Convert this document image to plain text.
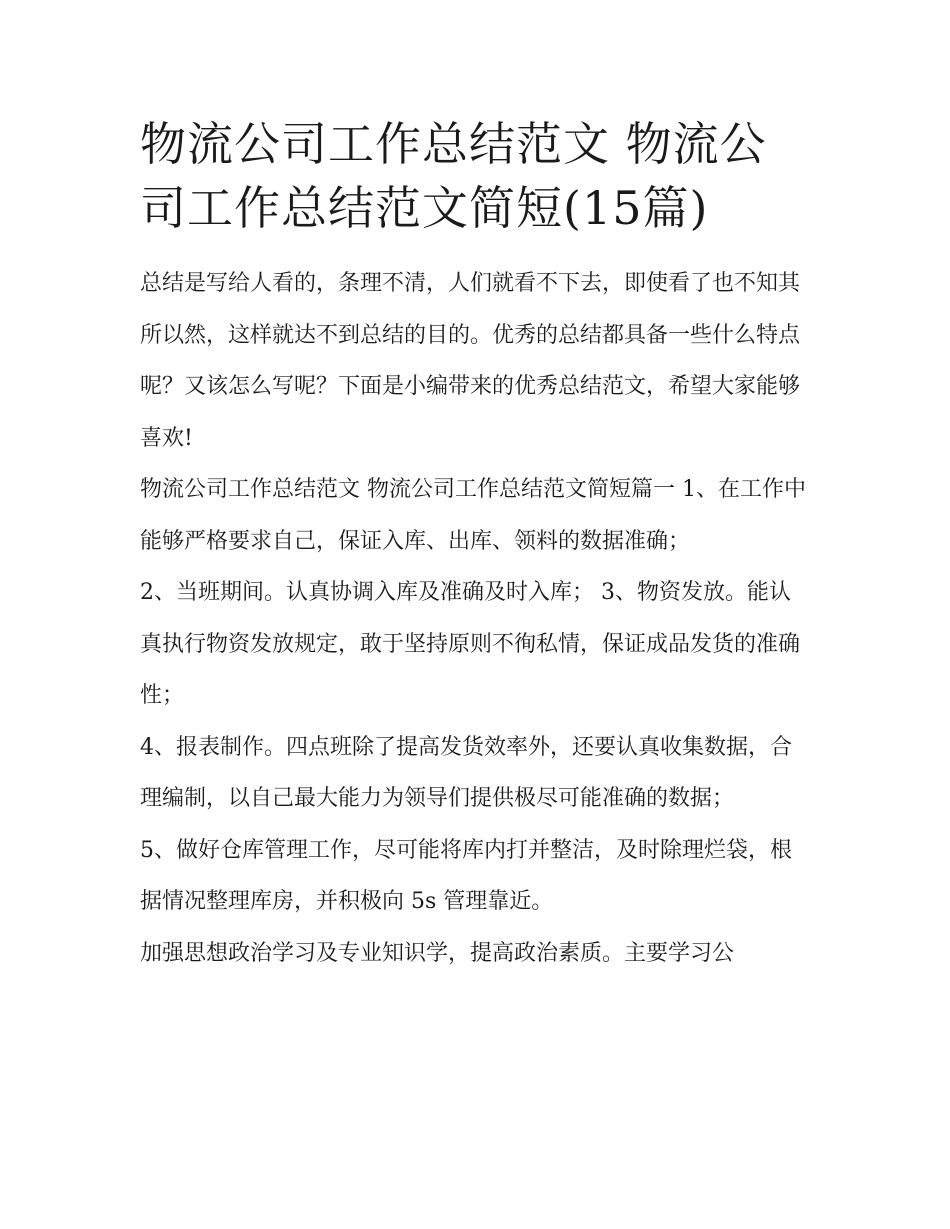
物流公司工作总结范文 物流公司工作总结范文简短(15篇)

总结是写给人看的，条理不清，人们就看不下去，即使看了也不知其所以然，这样就达不到总结的目的。优秀的总结都具备一些什么特点呢？又该怎么写呢？下面是小编带来的优秀总结范文，希望大家能够喜欢!

物流公司工作总结范文 物流公司工作总结范文简短篇一 1、在工作中能够严格要求自己，保证入库、出库、领料的数据准确；

2、当班期间。认真协调入库及准确及时入库； 3、物资发放。能认真执行物资发放规定，敢于坚持原则不徇私情，保证成品发货的准确性；

4、报表制作。四点班除了提高发货效率外，还要认真收集数据，合理编制，以自己最大能力为领导们提供极尽可能准确的数据；

5、做好仓库管理工作，尽可能将库内打并整洁，及时除理烂袋，根据情况整理库房，并积极向 5s 管理靠近。

加强思想政治学习及专业知识学，提高政治素质。主要学习公
